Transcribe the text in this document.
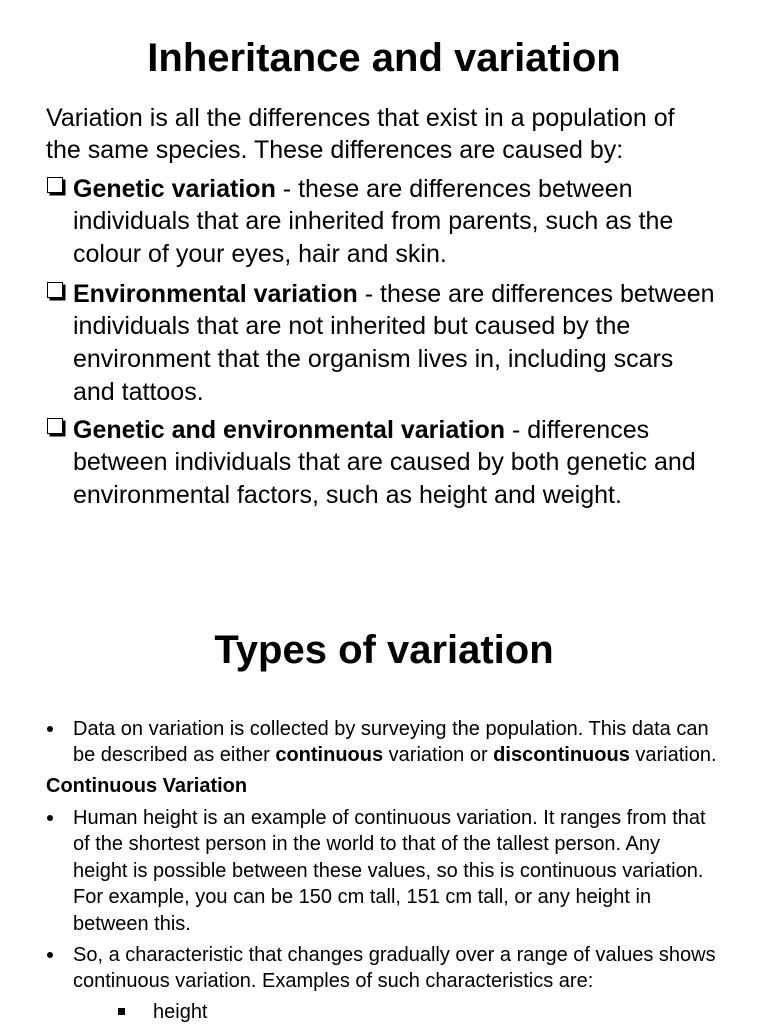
Inheritance and variation
Variation is all the differences that exist in a population of
the same species. These differences are caused by:
Genetic variation - these are differences between
individuals that are inherited from parents, such as the
colour of your eyes, hair and skin.
Environmental variation - these are differences between
individuals that are not inherited but caused by the
environment that the organism lives in, including scars
and tattoos.
Genetic and environmental variation - differences
between individuals that are caused by both genetic and
environmental factors, such as height and weight.
Types of variation
Data on variation is collected by surveying the population. This data can
be described as either continuous variation or discontinuous variation.
Continuous Variation
Human height is an example of continuous variation. It ranges from that
of the shortest person in the world to that of the tallest person. Any
height is possible between these values, so this is continuous variation.
For example, you can be 150 cm tall, 151 cm tall, or any height in
between this.
So, a characteristic that changes gradually over a range of values shows
continuous variation. Examples of such characteristics are:
height
